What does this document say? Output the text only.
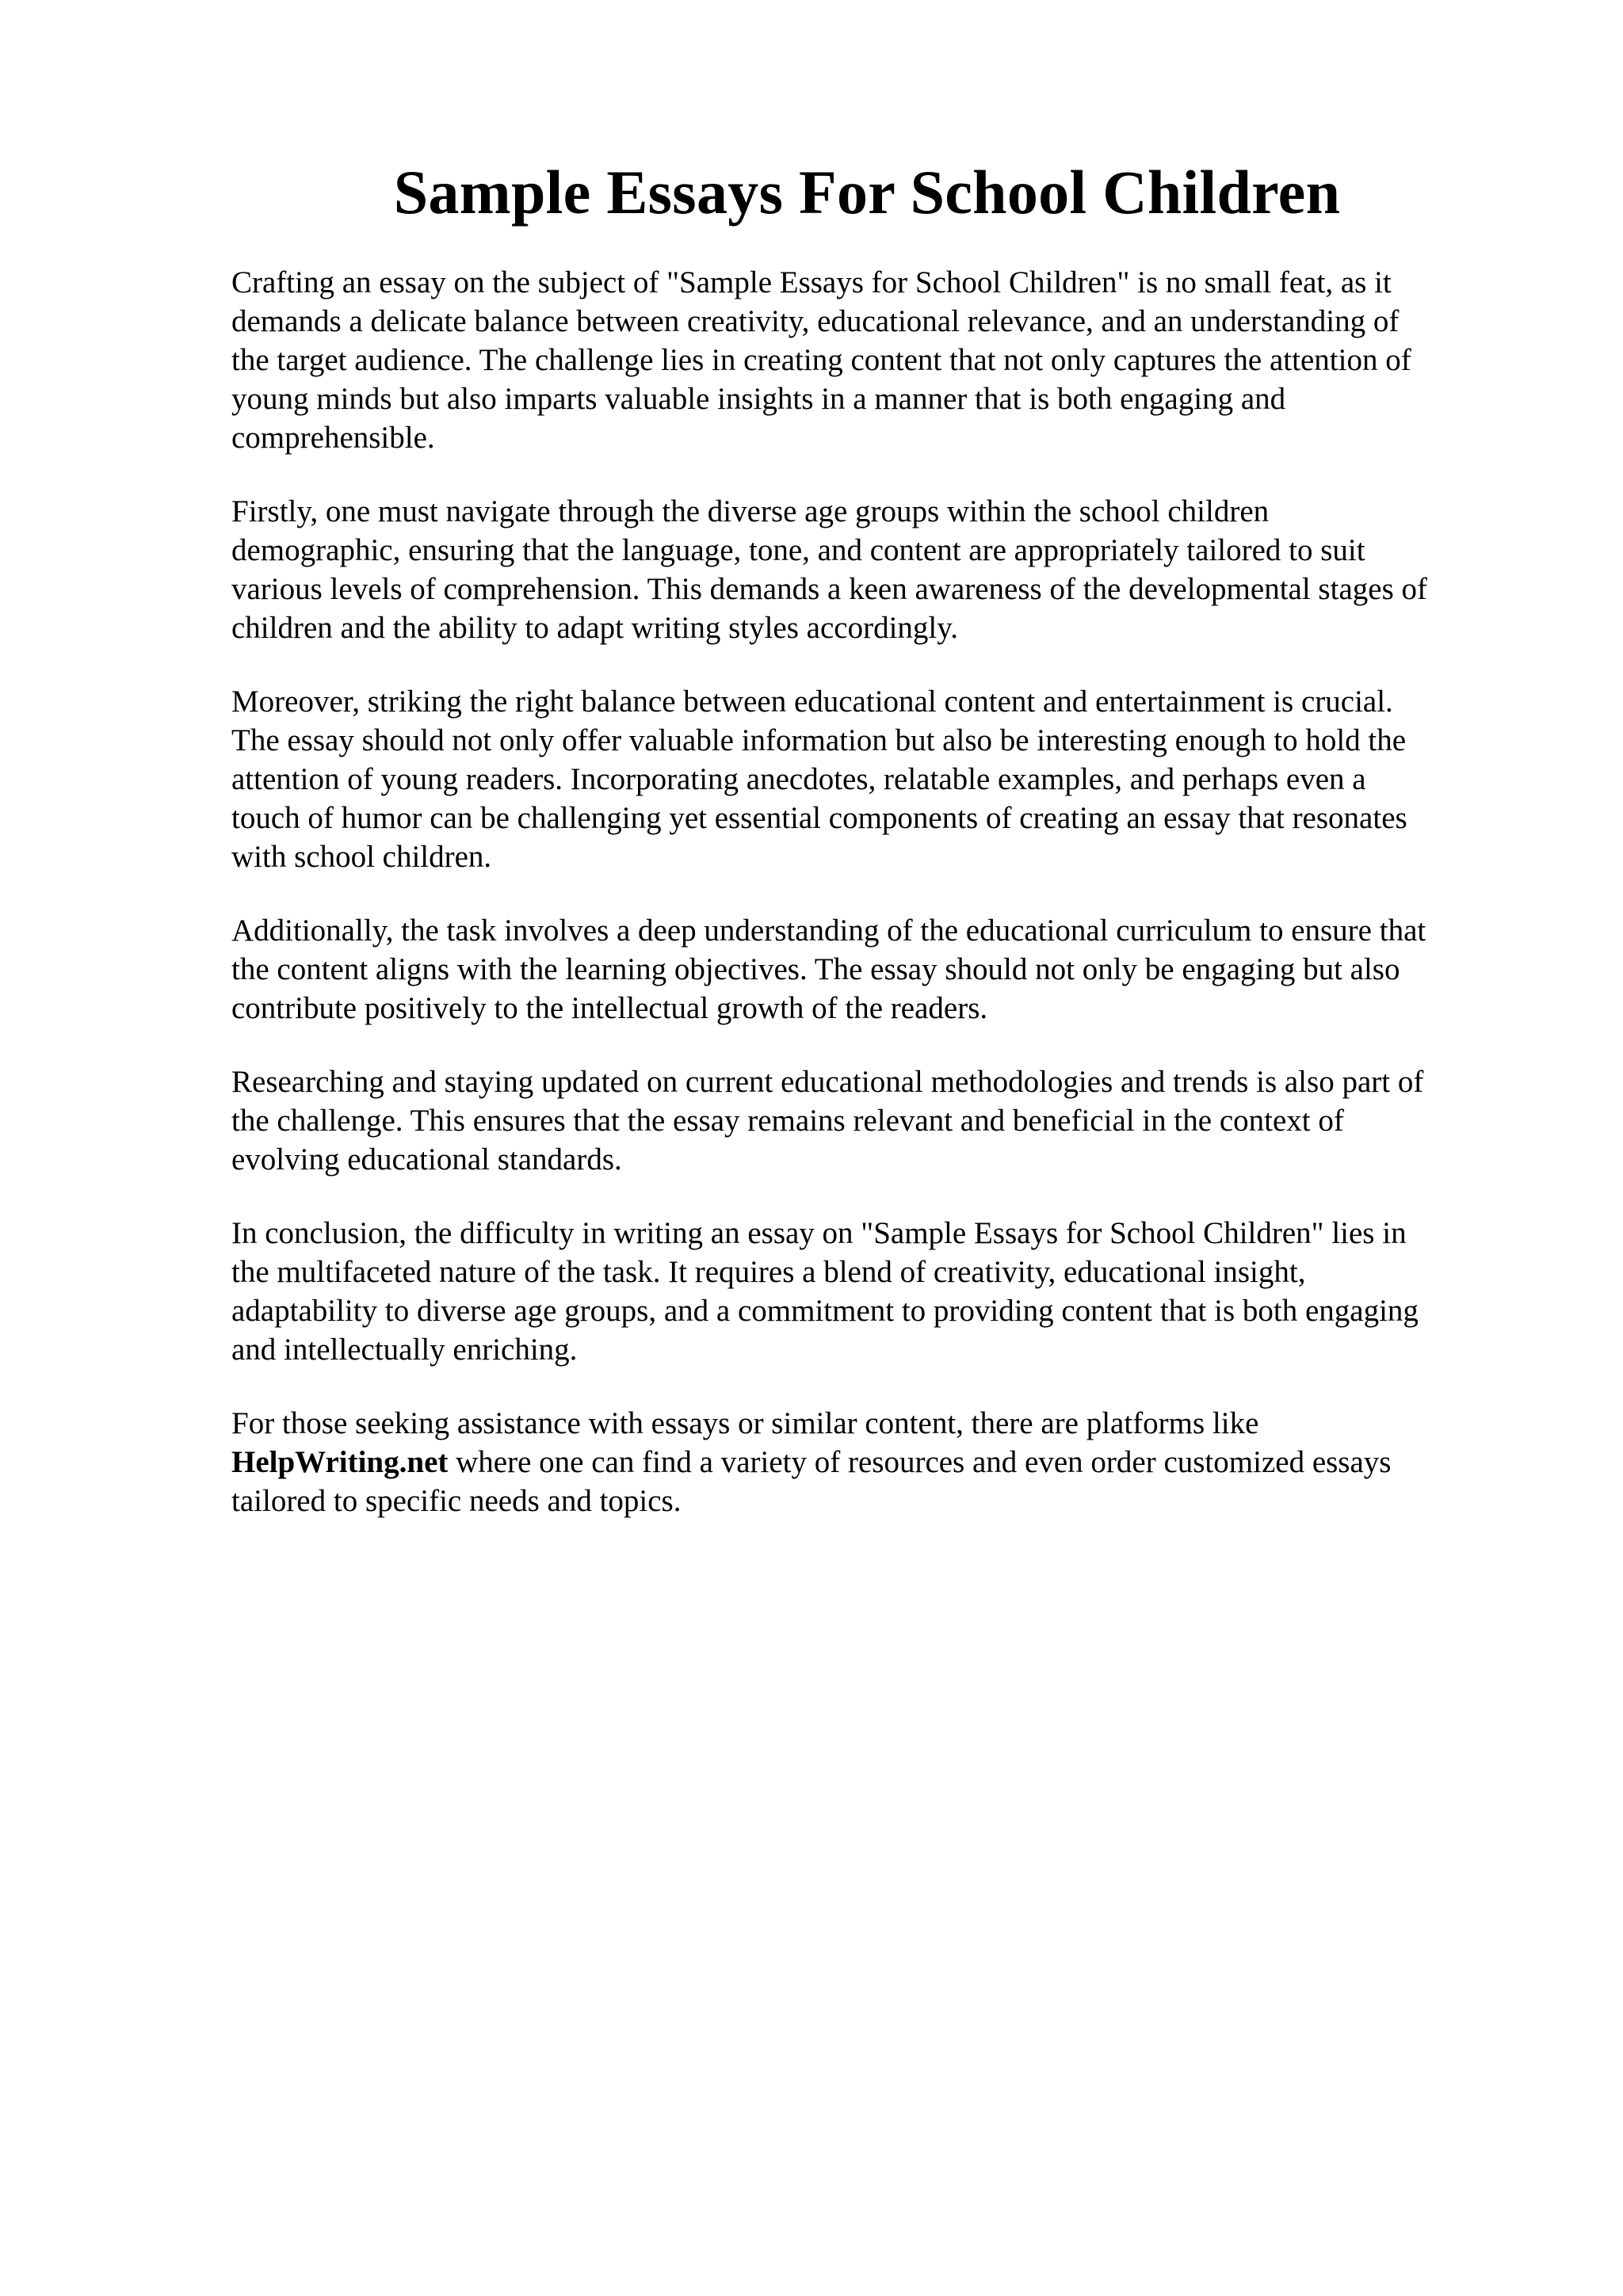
Sample Essays For School Children

Crafting an essay on the subject of "Sample Essays for School Children" is no small feat, as it
demands a delicate balance between creativity, educational relevance, and an understanding of
the target audience. The challenge lies in creating content that not only captures the attention of
young minds but also imparts valuable insights in a manner that is both engaging and
comprehensible.

Firstly, one must navigate through the diverse age groups within the school children
demographic, ensuring that the language, tone, and content are appropriately tailored to suit
various levels of comprehension. This demands a keen awareness of the developmental stages of
children and the ability to adapt writing styles accordingly.

Moreover, striking the right balance between educational content and entertainment is crucial.
The essay should not only offer valuable information but also be interesting enough to hold the
attention of young readers. Incorporating anecdotes, relatable examples, and perhaps even a
touch of humor can be challenging yet essential components of creating an essay that resonates
with school children.

Additionally, the task involves a deep understanding of the educational curriculum to ensure that
the content aligns with the learning objectives. The essay should not only be engaging but also
contribute positively to the intellectual growth of the readers.

Researching and staying updated on current educational methodologies and trends is also part of
the challenge. This ensures that the essay remains relevant and beneficial in the context of
evolving educational standards.

In conclusion, the difficulty in writing an essay on "Sample Essays for School Children" lies in
the multifaceted nature of the task. It requires a blend of creativity, educational insight,
adaptability to diverse age groups, and a commitment to providing content that is both engaging
and intellectually enriching.

For those seeking assistance with essays or similar content, there are platforms like
HelpWriting.net where one can find a variety of resources and even order customized essays
tailored to specific needs and topics.
